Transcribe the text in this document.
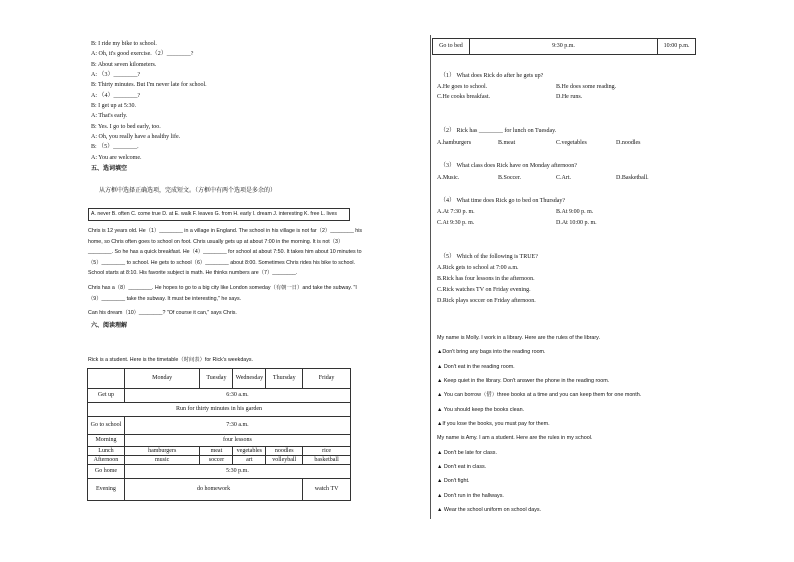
B: I ride my bike to school.
A: Oh, it's good exercise.（2）________?
B: About seven kilometers.
A: （3）________?
B: Thirty minutes. But I'm never late for school.
A: （4）________?
B: I get up at 5:30.
A: That's early.
B: Yes. I go to bed early, too.
A: Oh, you really have a healthy life.
B: （5）________.
A: You are welcome.
五、选词填空
从方框中选择正确选项，完成短文。（方框中有两个选项是多余的）
A. never B. often C. come true D. at E. walk F. leaves G. from H. early I. dream J. interesting K. free L. lives
Chris is 12 years old. He（1）________ in a village in England. The school in his village is not far（2）________ his
home, so Chris often goes to school on foot. Chris usually gets up at about 7:00 in the morning. It is not（3）
________. So he has a quick breakfast. He（4）________ for school at about 7:50. It takes him about 10 minutes to
（5）________ to school. He gets to school（6）________ about 8:00. Sometimes Chris rides his bike to school.
School starts at 8:10. His favorite subject is math. He thinks numbers are（7）________.
Chris has a（8）________. He hopes to go to a big city like London someday（有朝一日）and take the subway. "I
（9）________ take the subway. It must be interesting," he says.
Can his dream（10）________? "Of course it can," says Chris.
六、阅读理解
Rick is a student. Here is the timetable（时间表）for Rick's weekdays.
	Monday	Tuesday	Wednesday	Thursday	Friday
Get up	6:30 a.m.				
Run for thirty minutes in his garden					
Go to school	7:30 a.m.				
Morning	four lessons				
Lunch	hamburgers	meat	vegetables	noodles	rice
Afternoon	music	soccer	art	volleyball	basketball
Go home	5:30 p.m.				
Evening	do homework				watch TV
Go to bed	9:30 p.m.	10:00 p.m.
（1） What does Rick do after he gets up?
A.He goes to school.	B.He does some reading.
C.He cooks breakfast.	D.He runs.
（2） Rick has ________ for lunch on Tuesday.
A.hamburgers	B.meat	C.vegetables	D.noodles
（3） What class does Rick have on Monday afternoon?
A.Music.	B.Soccer.	C.Art.	D.Basketball.
（4） What time does Rick go to bed on Thursday?
A.At 7:30 p. m.	B.At 9:00 p. m.
C.At 9:30 p. m.	D.At 10:00 p. m.
（5） Which of the following is TRUE?
A.Rick gets to school at 7:00 a.m.
B.Rick has four lessons in the afternoon.
C.Rick watches TV on Friday evening.
D.Rick plays soccer on Friday afternoon.
My name is Molly. I work in a library. Here are the rules of the library.
▲Don't bring any bags into the reading room.
▲ Don't eat in the reading room.
▲ Keep quiet in the library. Don't answer the phone in the reading room.
▲ You can borrow（借）three books at a time and you can keep them for one month.
▲ You should keep the books clean.
▲If you lose the books, you must pay for them.
My name is Amy. I am a student. Here are the rules in my school.
▲ Don't be late for class.
▲ Don't eat in class.
▲ Don't fight.
▲ Don't run in the hallways.
▲ Wear the school uniform on school days.
